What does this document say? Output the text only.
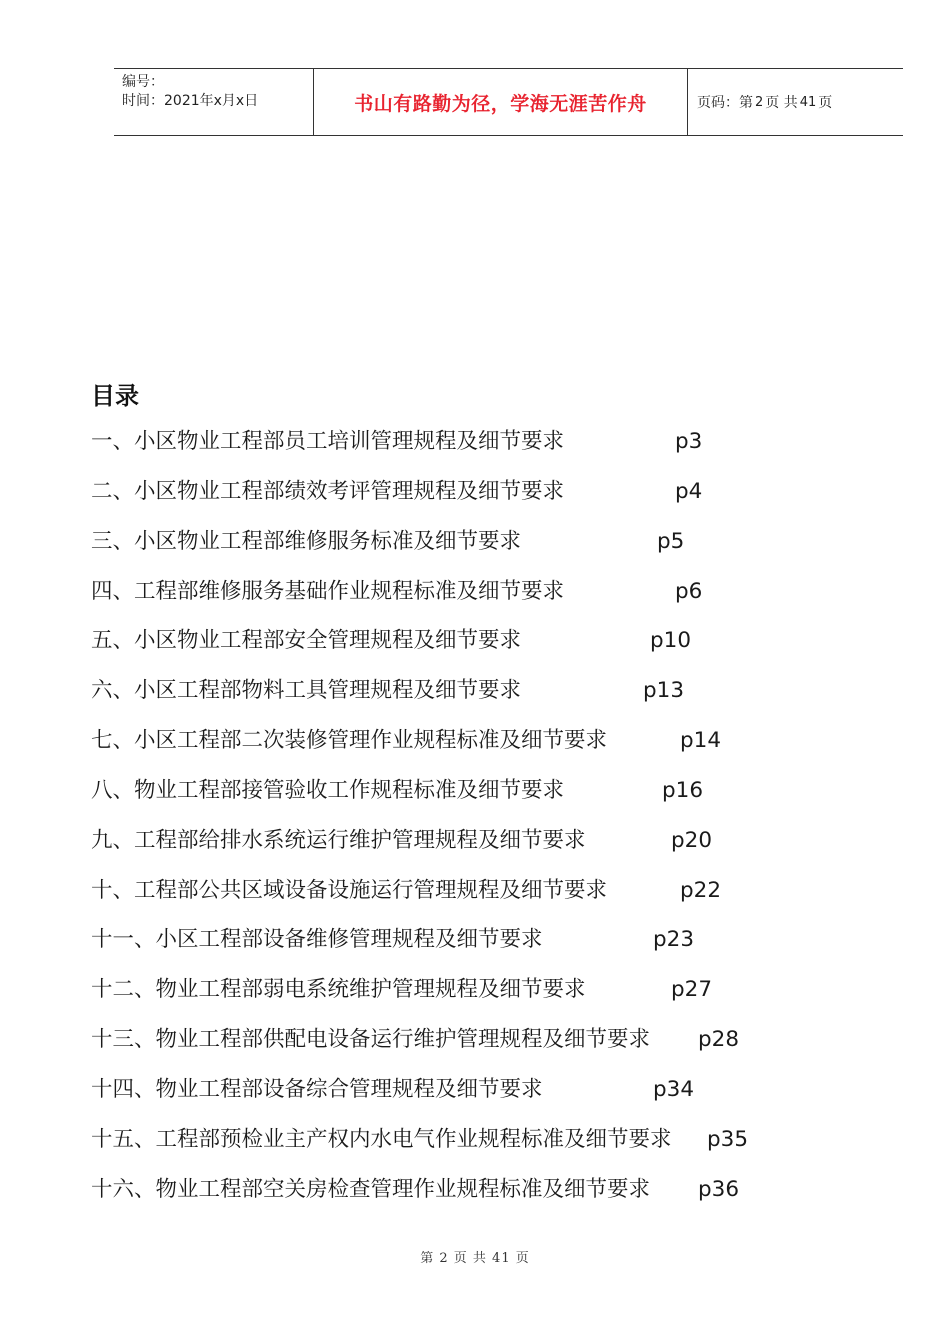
编号：
时间：2021年x月x日	书山有路勤为径，学海无涯苦作舟	页码：第 2 页 共 41 页
目录
一、小区物业工程部员工培训管理规程及细节要求	p3
二、小区物业工程部绩效考评管理规程及细节要求	p4
三、小区物业工程部维修服务标准及细节要求	p5
四、工程部维修服务基础作业规程标准及细节要求	p6
五、小区物业工程部安全管理规程及细节要求	p10
六、小区工程部物料工具管理规程及细节要求	p13
七、小区工程部二次装修管理作业规程标准及细节要求	p14
八、物业工程部接管验收工作规程标准及细节要求	p16
九、工程部给排水系统运行维护管理规程及细节要求	p20
十、工程部公共区域设备设施运行管理规程及细节要求	p22
十一、小区工程部设备维修管理规程及细节要求	p23
十二、物业工程部弱电系统维护管理规程及细节要求	p27
十三、物业工程部供配电设备运行维护管理规程及细节要求 p28
十四、物业工程部设备综合管理规程及细节要求	p34
十五、工程部预检业主产权内水电气作业规程标准及细节要求 p35
十六、物业工程部空关房检查管理作业规程标准及细节要求 p36
第 2 页 共 41 页
